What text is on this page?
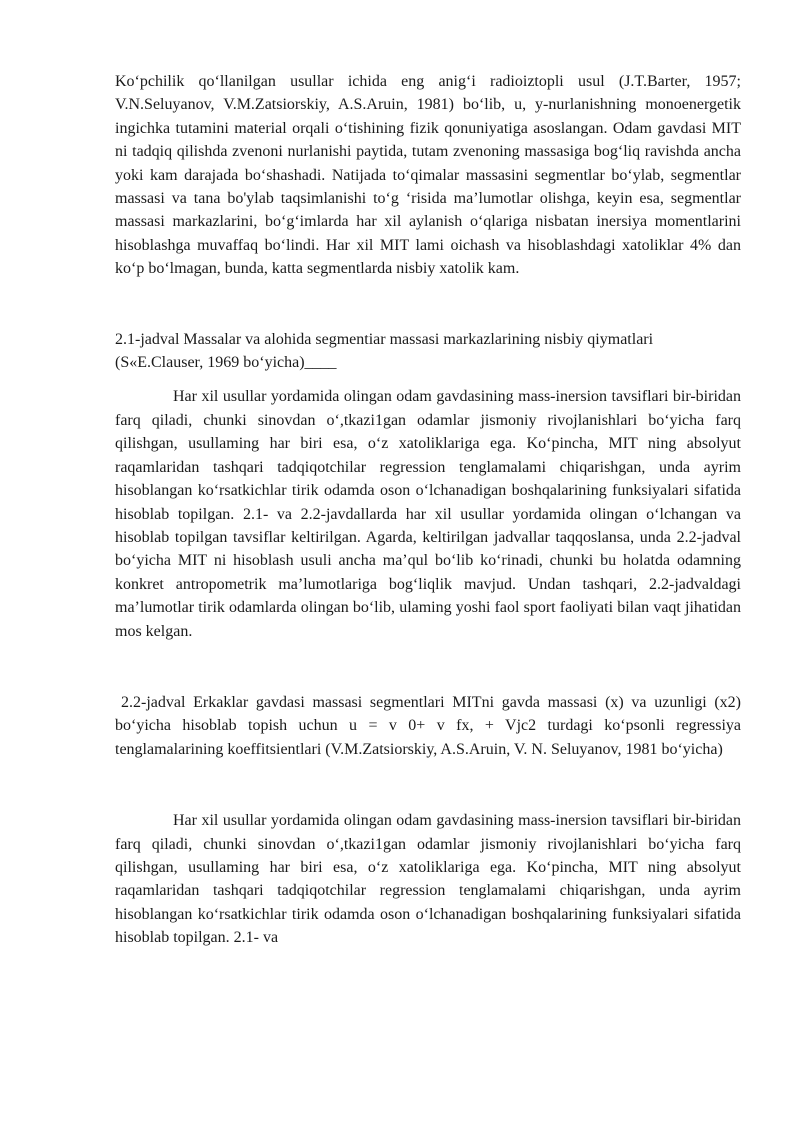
Ko‘pchilik qo‘llanilgan usullar ichida eng anig‘i radioiztopli usul (J.T.Barter, 1957; V.N.Seluyanov, V.M.Zatsiorskiy, A.S.Aruin, 1981) bo‘lib, u, y-nurlanishning monoenergetik ingichka tutamini material orqali o‘tishining fizik qonuniyatiga asoslangan. Odam gavdasi MIT ni tadqiq qilishda zvenoni nurlanishi paytida, tutam zvenoning massasiga bog‘liq ravishda ancha yoki kam darajada bo‘shashadi. Natijada to‘qimalar massasini segmentlar bo‘ylab, segmentlar massasi va tana bo'ylab taqsimlanishi to‘g ‘risida ma’lumotlar olishga, keyin esa, segmentlar massasi markazlarini, bo‘g‘imlarda har xil aylanish o‘qlariga nisbatan inersiya momentlarini hisoblashga muvaffaq bo‘lindi. Har xil MIT lami oichash va hisoblashdagi xatoliklar 4% dan ko‘p bo‘lmagan, bunda, katta segmentlarda nisbiy xatolik kam.

2.1-jadval Massalar va alohida segmentiar massasi markazlarining nisbiy qiymatlari (S«E.Clauser, 1969 bo‘yicha)____

Har xil usullar yordamida olingan odam gavdasining mass-inersion tavsiflari bir-biridan farq qiladi, chunki sinovdan o‘,tkazi1gan odamlar jismoniy rivojlanishlari bo‘yicha farq qilishgan, usullaming har biri esa, o‘z xatoliklariga ega. Ko‘pincha, MIT ning absolyut raqamlaridan tashqari tadqiqotchilar regression tenglamalami chiqarishgan, unda ayrim hisoblangan ko‘rsatkichlar tirik odamda oson o‘lchanadigan boshqalarining funksiyalari sifatida hisoblab topilgan. 2.1- va 2.2-javdallarda har xil usullar yordamida olingan o‘lchangan va hisoblab topilgan tavsiflar keltirilgan. Agarda, keltirilgan jadvallar taqqoslansa, unda 2.2-jadval bo‘yicha MIT ni hisoblash usuli ancha ma’qul bo‘lib ko‘rinadi, chunki bu holatda odamning konkret antropometrik ma’lumotlariga bog‘liqlik mavjud. Undan tashqari, 2.2-jadvaldagi ma’lumotlar tirik odamlarda olingan bo‘lib, ulaming yoshi faol sport faoliyati bilan vaqt jihatidan mos kelgan.

2.2-jadval Erkaklar gavdasi massasi segmentlari MITni gavda massasi (x) va uzunligi (x2) bo‘yicha hisoblab topish uchun u = v 0+ v fx, + Vjc2 turdagi ko‘psonli regressiya tenglamalarining koeffitsientlari (V.M.Zatsiorskiy, A.S.Aruin, V. N. Seluyanov, 1981 bo‘yicha)

Har xil usullar yordamida olingan odam gavdasining mass-inersion tavsiflari bir-biridan farq qiladi, chunki sinovdan o‘,tkazi1gan odamlar jismoniy rivojlanishlari bo‘yicha farq qilishgan, usullaming har biri esa, o‘z xatoliklariga ega. Ko‘pincha, MIT ning absolyut raqamlaridan tashqari tadqiqotchilar regression tenglamalami chiqarishgan, unda ayrim hisoblangan ko‘rsatkichlar tirik odamda oson o‘lchanadigan boshqalarining funksiyalari sifatida hisoblab topilgan. 2.1- va
